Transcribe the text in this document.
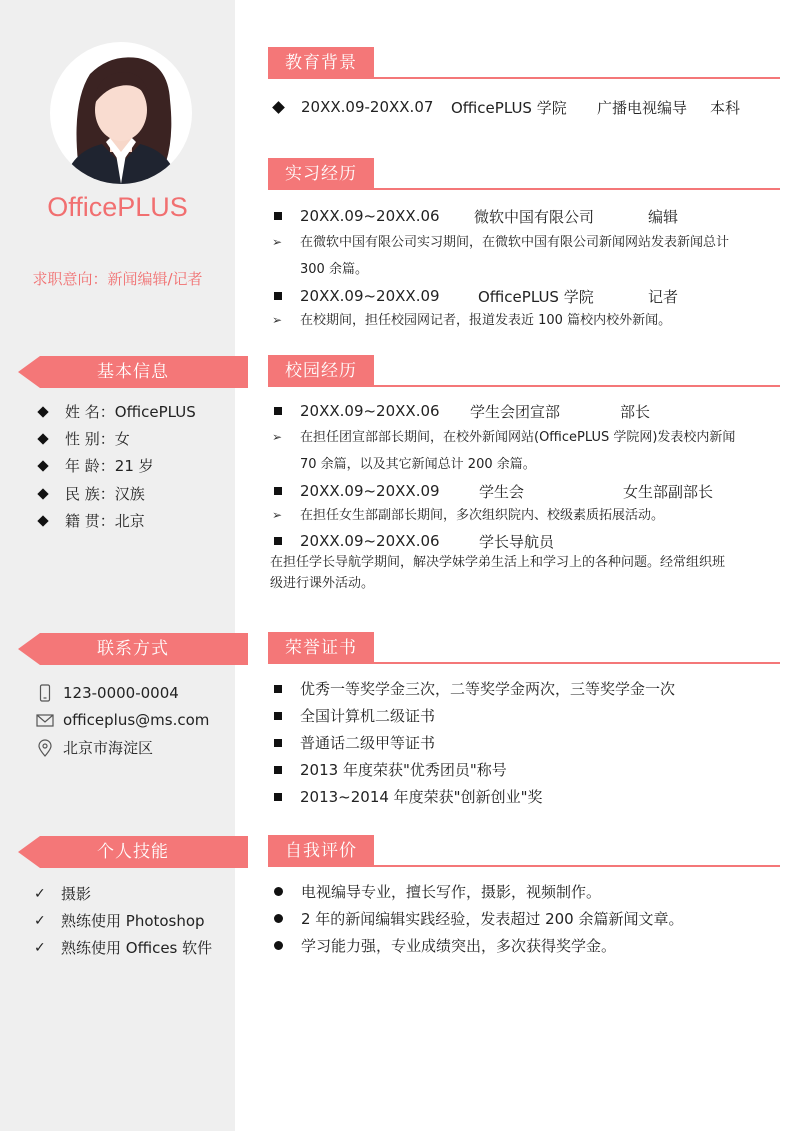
OfficePLUS
求职意向：新闻编辑/记者
基本信息
姓 名： OfficePLUS
性 别： 女
年 龄： 21 岁
民 族： 汉族
籍 贯： 北京
联系方式
123-0000-0004
officeplus@ms.com
北京市海淀区
个人技能
✓ 摄影
✓ 熟练使用 Photoshop
✓ 熟练使用 Offices 软件
教育背景
20XX.09-20XX.07	OfficePLUS 学院	广播电视编导	本科
实习经历
20XX.09~20XX.06	微软中国有限公司	编辑
➢ 在微软中国有限公司实习期间，在微软中国有限公司新闻网站发表新闻总计
300 余篇。
20XX.09~20XX.09	OfficePLUS 学院	记者
➢ 在校期间，担任校园网记者，报道发表近 100 篇校内校外新闻。
校园经历
20XX.09~20XX.06	学生会团宣部	部长
➢ 在担任团宣部部长期间，在校外新闻网站(OfficePLUS 学院网)发表校内新闻
70 余篇，以及其它新闻总计 200 余篇。
20XX.09~20XX.09	学生会	女生部副部长
➢ 在担任女生部副部长期间，多次组织院内、校级素质拓展活动。
20XX.09~20XX.06	学长导航员
在担任学长导航学期间，解决学妹学弟生活上和学习上的各种问题。经常组织班
级进行课外活动。
荣誉证书
优秀一等奖学金三次，二等奖学金两次，三等奖学金一次
全国计算机二级证书
普通话二级甲等证书
2013 年度荣获"优秀团员"称号
2013~2014 年度荣获"创新创业"奖
自我评价
电视编导专业，擅长写作，摄影，视频制作。
2 年的新闻编辑实践经验，发表超过 200 余篇新闻文章。
学习能力强，专业成绩突出，多次获得奖学金。
